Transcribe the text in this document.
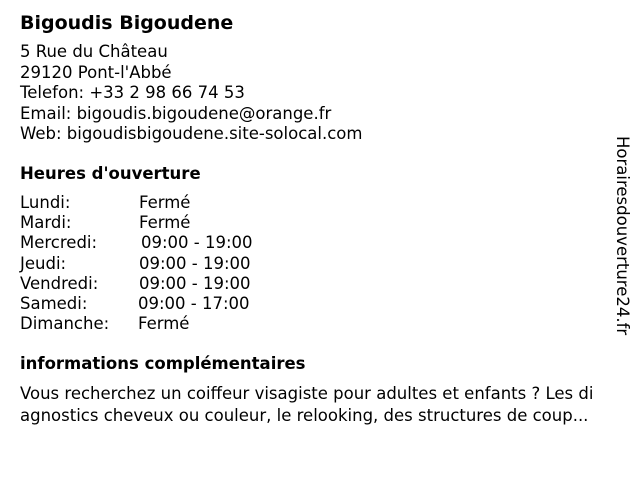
Bigoudis Bigoudene
5 Rue du Château
29120 Pont-l'Abbé
Telefon: +33 2 98 66 74 53
Email: bigoudis.bigoudene@orange.fr
Web: bigoudisbigoudene.site-solocal.com
Heures d'ouverture
Lundi:	Fermé
Mardi:	Fermé
Mercredi:	09:00 - 19:00
Jeudi:	09:00 - 19:00
Vendredi: 09:00 - 19:00
Samedi:	09:00 - 17:00
Dimanche: Fermé
informations complémentaires
Vous recherchez un coiffeur visagiste pour adultes et enfants ? Les di
agnostics cheveux ou couleur, le relooking, des structures de coup...
Horairesdouverture24.fr
